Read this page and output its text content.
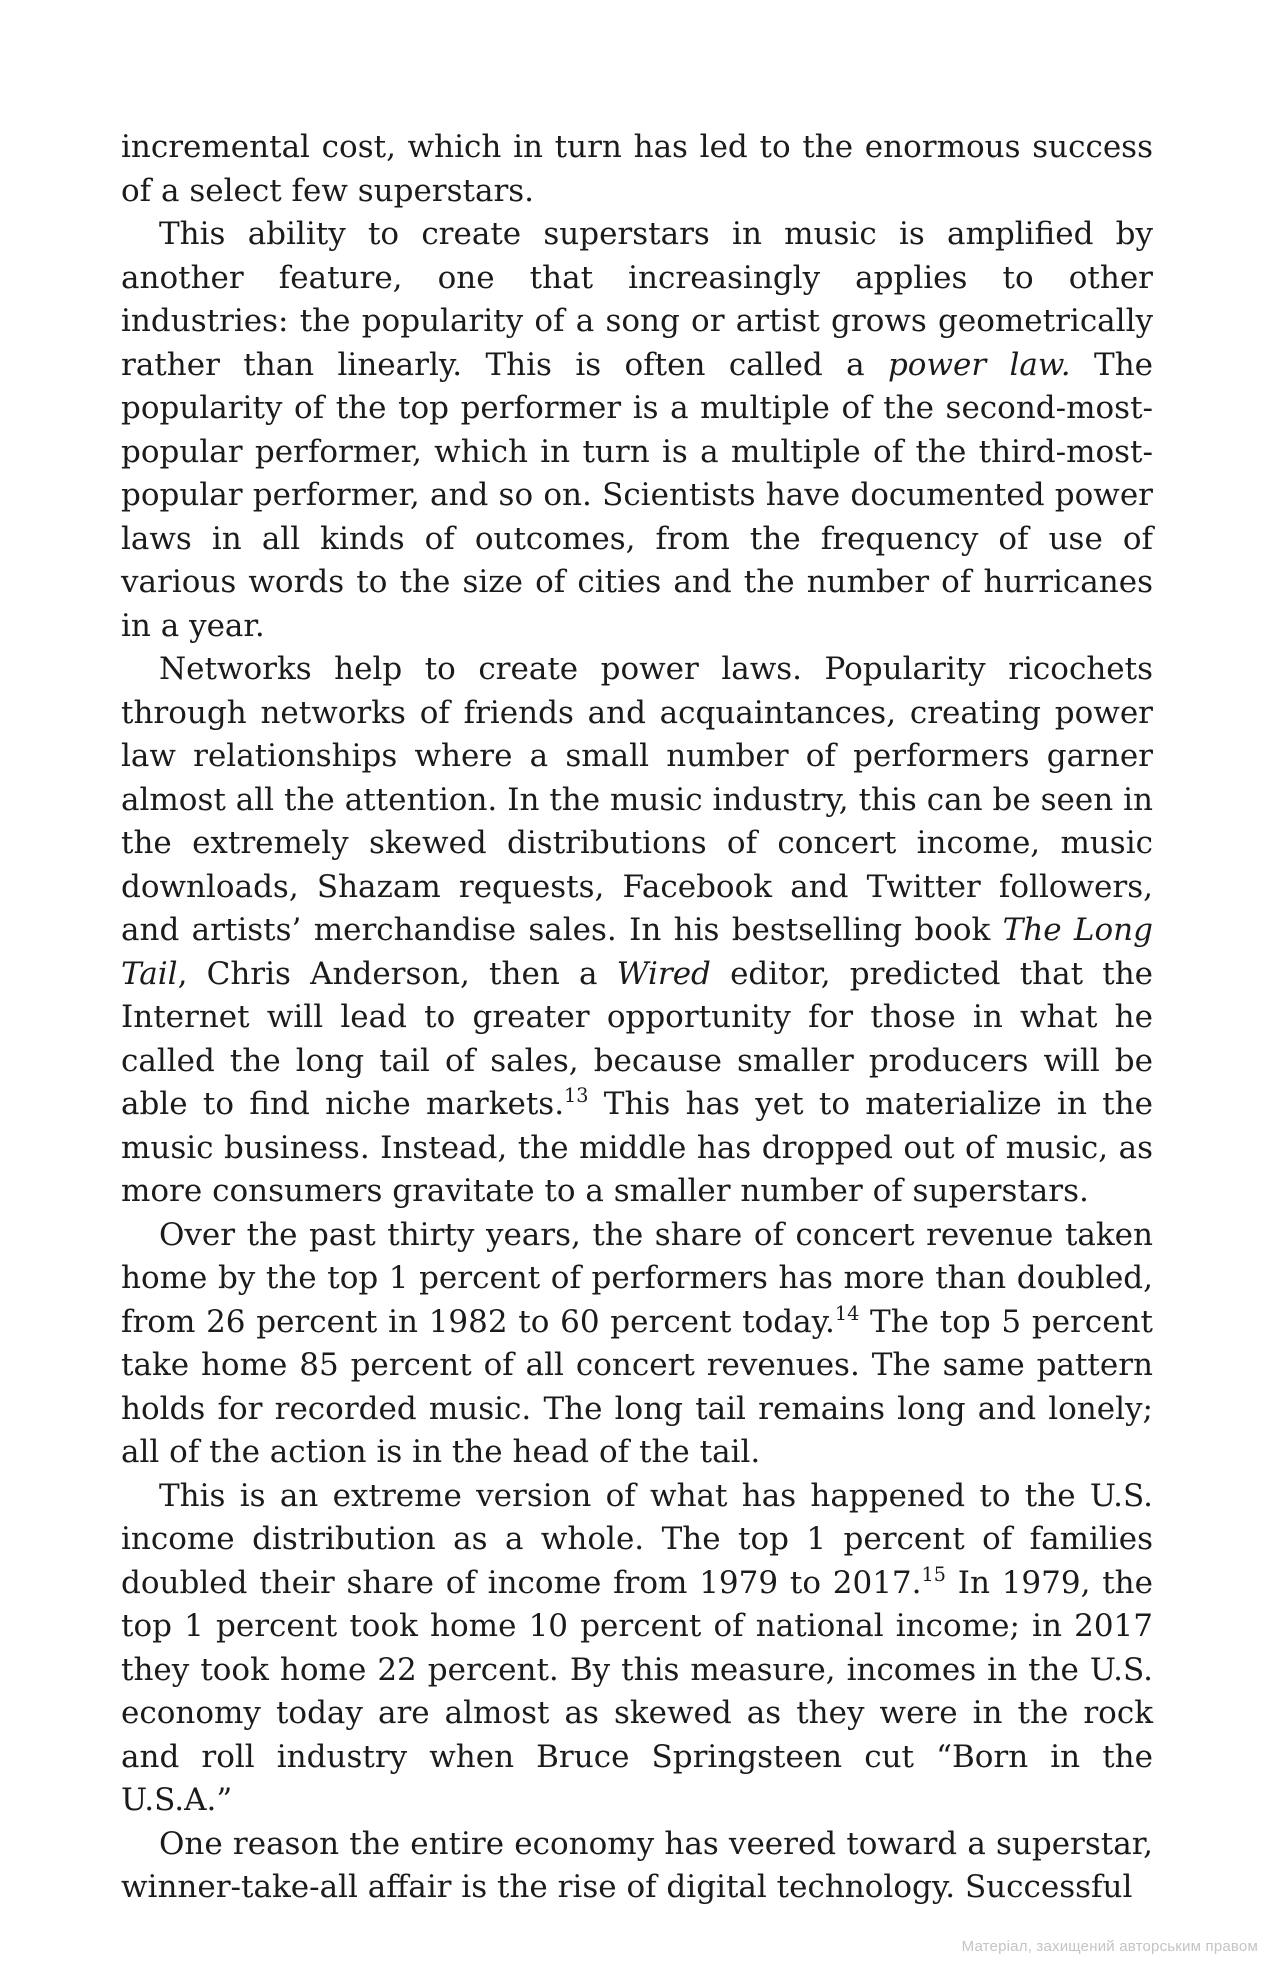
incremental cost, which in turn has led to the enormous success of a select few superstars.

This ability to create superstars in music is amplified by another feature, one that increasingly applies to other industries: the popularity of a song or artist grows geometrically rather than linearly. This is often called a power law. The popularity of the top performer is a multiple of the second-most-popular performer, which in turn is a multiple of the third-most-popular performer, and so on. Scientists have documented power laws in all kinds of outcomes, from the frequency of use of various words to the size of cities and the number of hurricanes in a year.

Networks help to create power laws. Popularity ricochets through networks of friends and acquaintances, creating power law relationships where a small number of performers garner almost all the attention. In the music industry, this can be seen in the extremely skewed distributions of concert income, music downloads, Shazam requests, Facebook and Twitter followers, and artists’ merchandise sales. In his bestselling book The Long Tail, Chris Anderson, then a Wired editor, predicted that the Internet will lead to greater opportunity for those in what he called the long tail of sales, because smaller producers will be able to find niche markets.$^{13}$ This has yet to materialize in the music business. Instead, the middle has dropped out of music, as more consumers gravitate to a smaller number of superstars.

Over the past thirty years, the share of concert revenue taken home by the top 1 percent of performers has more than doubled, from 26 percent in 1982 to 60 percent today.$^{14}$ The top 5 percent take home 85 percent of all concert revenues. The same pattern holds for recorded music. The long tail remains long and lonely; all of the action is in the head of the tail.

This is an extreme version of what has happened to the U.S. income distribution as a whole. The top 1 percent of families doubled their share of income from 1979 to 2017.15 In 1979, the top 1 percent took home 10 percent of national income; in 2017 they took home 22 percent. By this measure, incomes in the U.S. economy today are almost as skewed as they were in the rock and roll industry when Bruce Springsteen cut “Born in the U.S.A.”

One reason the entire economy has veered toward a superstar, winner-take-all affair is the rise of digital technology. Successful

Матеріал, захищений авторським правом
